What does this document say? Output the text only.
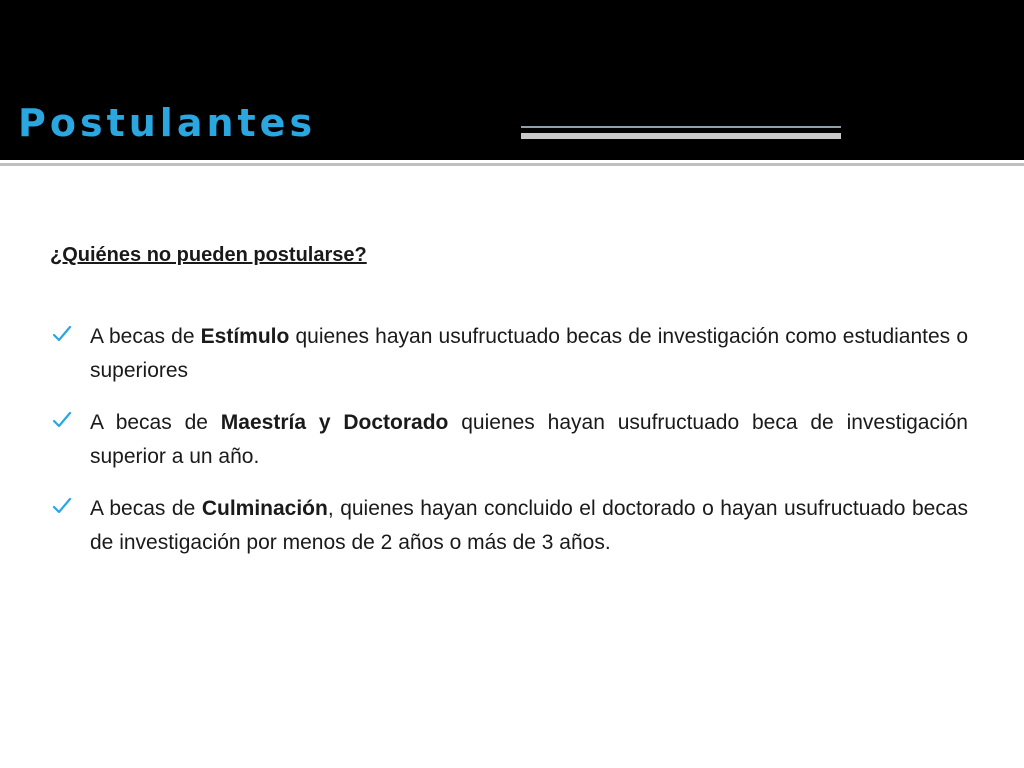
Postulantes

¿Quiénes no pueden postularse?

A becas de Estímulo quienes hayan usufructuado becas de investigación como estudiantes o superiores
A becas de Maestría y Doctorado quienes hayan usufructuado beca de investigación superior a un año.
A becas de Culminación, quienes hayan concluido el doctorado o hayan usufructuado becas de investigación por menos de 2 años o más de 3 años.
